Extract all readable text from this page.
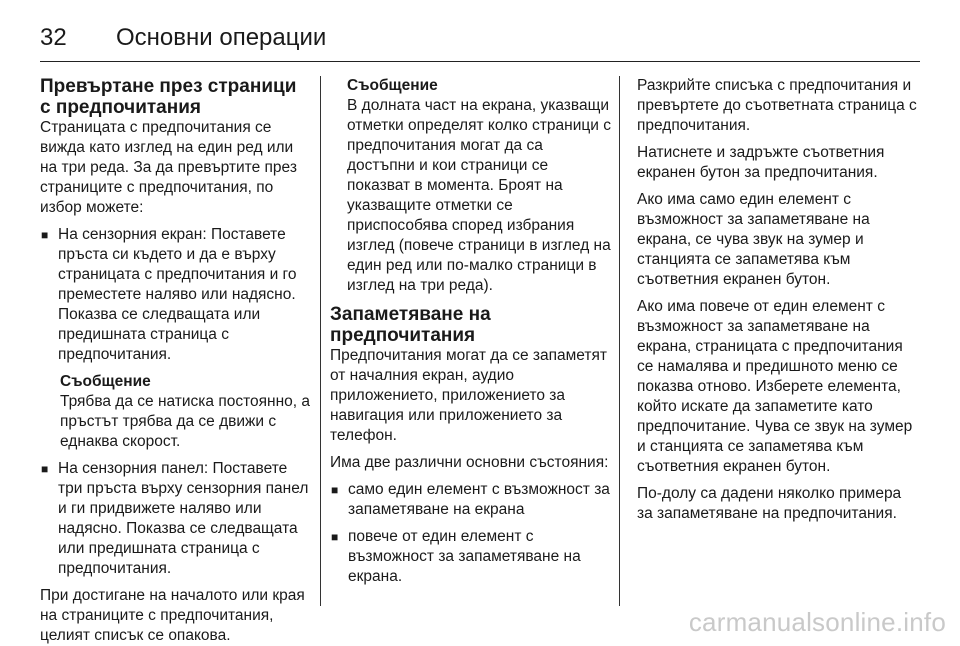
32	Основни операции
Превъртане през страници с предпочитания

Страницата с предпочитания се вижда като изглед на един ред или на три реда. За да превъртите през страниците с предпочитания, по избор можете:

■ На сензорния екран: Поставете пръста си където и да е върху страницата с предпочитания и го преместете наляво или надясно. Показва се следващата или предишната страница с предпочитания.
Съобщение
Трябва да се натиска постоянно, а пръстът трябва да се движи с еднаква скорост.
■ На сензорния панел: Поставете три пръста върху сензорния панел и ги придвижете наляво или надясно. Показва се следващата или предишната страница с предпочитания.

При достигане на началото или края на страниците с предпочитания, целият списък се опакова.

Съобщение
В долната част на екрана, указващи отметки определят колко страници с предпочитания могат да са достъпни и кои страници се показват в момента. Броят на указващите отметки се приспособява според избрания изглед (повече страници в изглед на един ред или по-малко страници в изглед на три реда).
Запаметяване на предпочитания

Предпочитания могат да се запаметят от началния екран, аудио приложението, приложението за навигация или приложението за телефон.

Има две различни основни състояния:

■ само един елемент с възможност за запаметяване на екрана
■ повече от един елемент с възможност за запаметяване на екрана.

Разкрийте списъка с предпочитания и превъртете до съответната страница с предпочитания.

Натиснете и задръжте съответния екранен бутон за предпочитания.

Ако има само един елемент с възможност за запаметяване на екрана, се чува звук на зумер и станцията се запаметява към съответния екранен бутон.

Ако има повече от един елемент с възможност за запаметяване на екрана, страницата с предпочитания се намалява и предишното меню се показва отново. Изберете елемента, който искате да запаметите като предпочитание. Чува се звук на зумер и станцията се запаметява към съответния екранен бутон.

По-долу са дадени няколко примера за запаметяване на предпочитания.

carmanualsonline.info
